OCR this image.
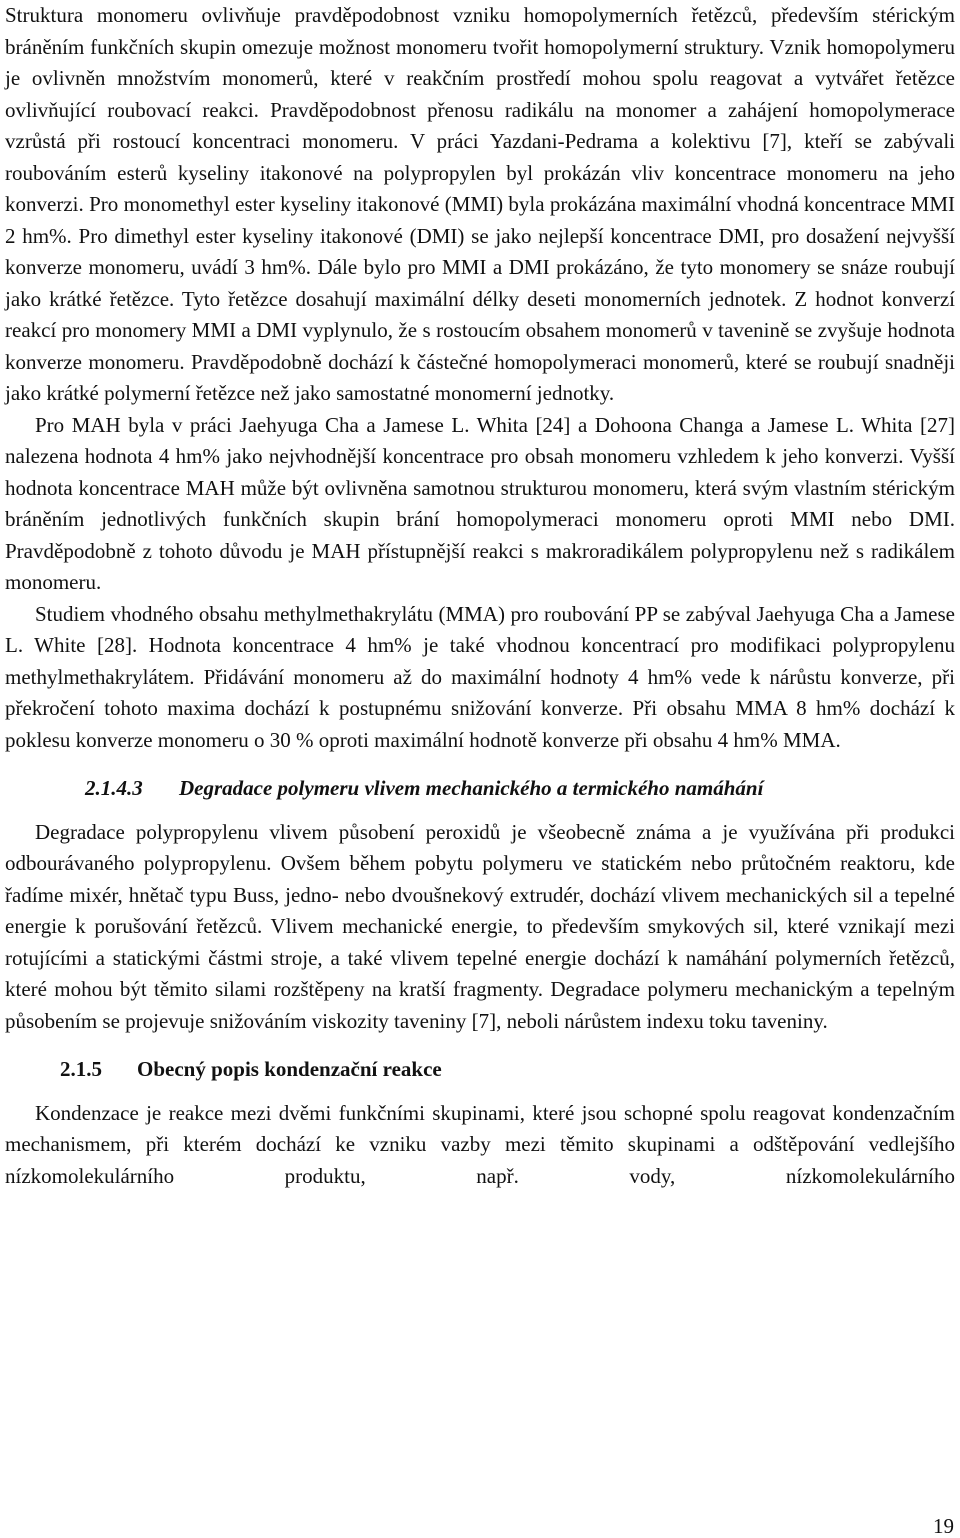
Struktura monomeru ovlivňuje pravděpodobnost vzniku homopolymerních řetězců, především stérickým bráněním funkčních skupin omezuje možnost monomeru tvořit homopolymerní struktury. Vznik homopolymeru je ovlivněn množstvím monomerů, které v reakčním prostředí mohou spolu reagovat a vytvářet řetězce ovlivňující roubovací reakci. Pravděpodobnost přenosu radikálu na monomer a zahájení homopolymerace vzrůstá při rostoucí koncentraci monomeru. V práci Yazdani-Pedrama a kolektivu [7], kteří se zabývali roubováním esterů kyseliny itakonové na polypropylen byl prokázán vliv koncentrace monomeru na jeho konverzi. Pro monomethyl ester kyseliny itakonové (MMI) byla prokázána maximální vhodná koncentrace MMI 2 hm%. Pro dimethyl ester kyseliny itakonové (DMI) se jako nejlepší koncentrace DMI, pro dosažení nejvyšší konverze monomeru, uvádí 3 hm%. Dále bylo pro MMI a DMI prokázáno, že tyto monomery se snáze roubují jako krátké řetězce. Tyto řetězce dosahují maximální délky deseti monomerních jednotek. Z hodnot konverzí reakcí pro monomery MMI a DMI vyplynulo, že s rostoucím obsahem monomerů v tavenině se zvyšuje hodnota konverze monomeru. Pravděpodobně dochází k částečné homopolymeraci monomerů, které se roubují snadněji jako krátké polymerní řetězce než jako samostatné monomerní jednotky.

Pro MAH byla v práci Jaehyuga Cha a Jamese L. Whita [24] a Dohoona Changa a Jamese L. Whita [27] nalezena hodnota 4 hm% jako nejvhodnější koncentrace pro obsah monomeru vzhledem k jeho konverzi. Vyšší hodnota koncentrace MAH může být ovlivněna samotnou strukturou monomeru, která svým vlastním stérickým bráněním jednotlivých funkčních skupin brání homopolymeraci monomeru oproti MMI nebo DMI. Pravděpodobně z tohoto důvodu je MAH přístupnější reakci s makroradikálem polypropylenu než s radikálem monomeru.

Studiem vhodného obsahu methylmethakrylátu (MMA) pro roubování PP se zabýval Jaehyuga Cha a Jamese L. White [28]. Hodnota koncentrace 4 hm% je také vhodnou koncentrací pro modifikaci polypropylenu methylmethakrylátem. Přidávání monomeru až do maximální hodnoty 4 hm% vede k nárůstu konverze, při překročení tohoto maxima dochází k postupnému snižování konverze. Při obsahu MMA 8 hm% dochází k poklesu konverze monomeru o 30 % oproti maximální hodnotě konverze při obsahu 4 hm% MMA.

2.1.4.3 Degradace polymeru vlivem mechanického a termického namáhání

Degradace polypropylenu vlivem působení peroxidů je všeobecně známa a je využívána při produkci odbourávaného polypropylenu. Ovšem během pobytu polymeru ve statickém nebo průtočném reaktoru, kde řadíme mixér, hnětač typu Buss, jedno- nebo dvoušnekový extrudér, dochází vlivem mechanických sil a tepelné energie k porušování řetězců. Vlivem mechanické energie, to především smykových sil, které vznikají mezi rotujícími a statickými částmi stroje, a také vlivem tepelné energie dochází k namáhání polymerních řetězců, které mohou být těmito silami rozštěpeny na kratší fragmenty. Degradace polymeru mechanickým a tepelným působením se projevuje snižováním viskozity taveniny [7], neboli nárůstem indexu toku taveniny.

2.1.5 Obecný popis kondenzační reakce

Kondenzace je reakce mezi dvěmi funkčními skupinami, které jsou schopné spolu reagovat kondenzačním mechanismem, při kterém dochází ke vzniku vazby mezi těmito skupinami a odštěpování vedlejšího nízkomolekulárního produktu, např. vody, nízkomolekulárního

19
